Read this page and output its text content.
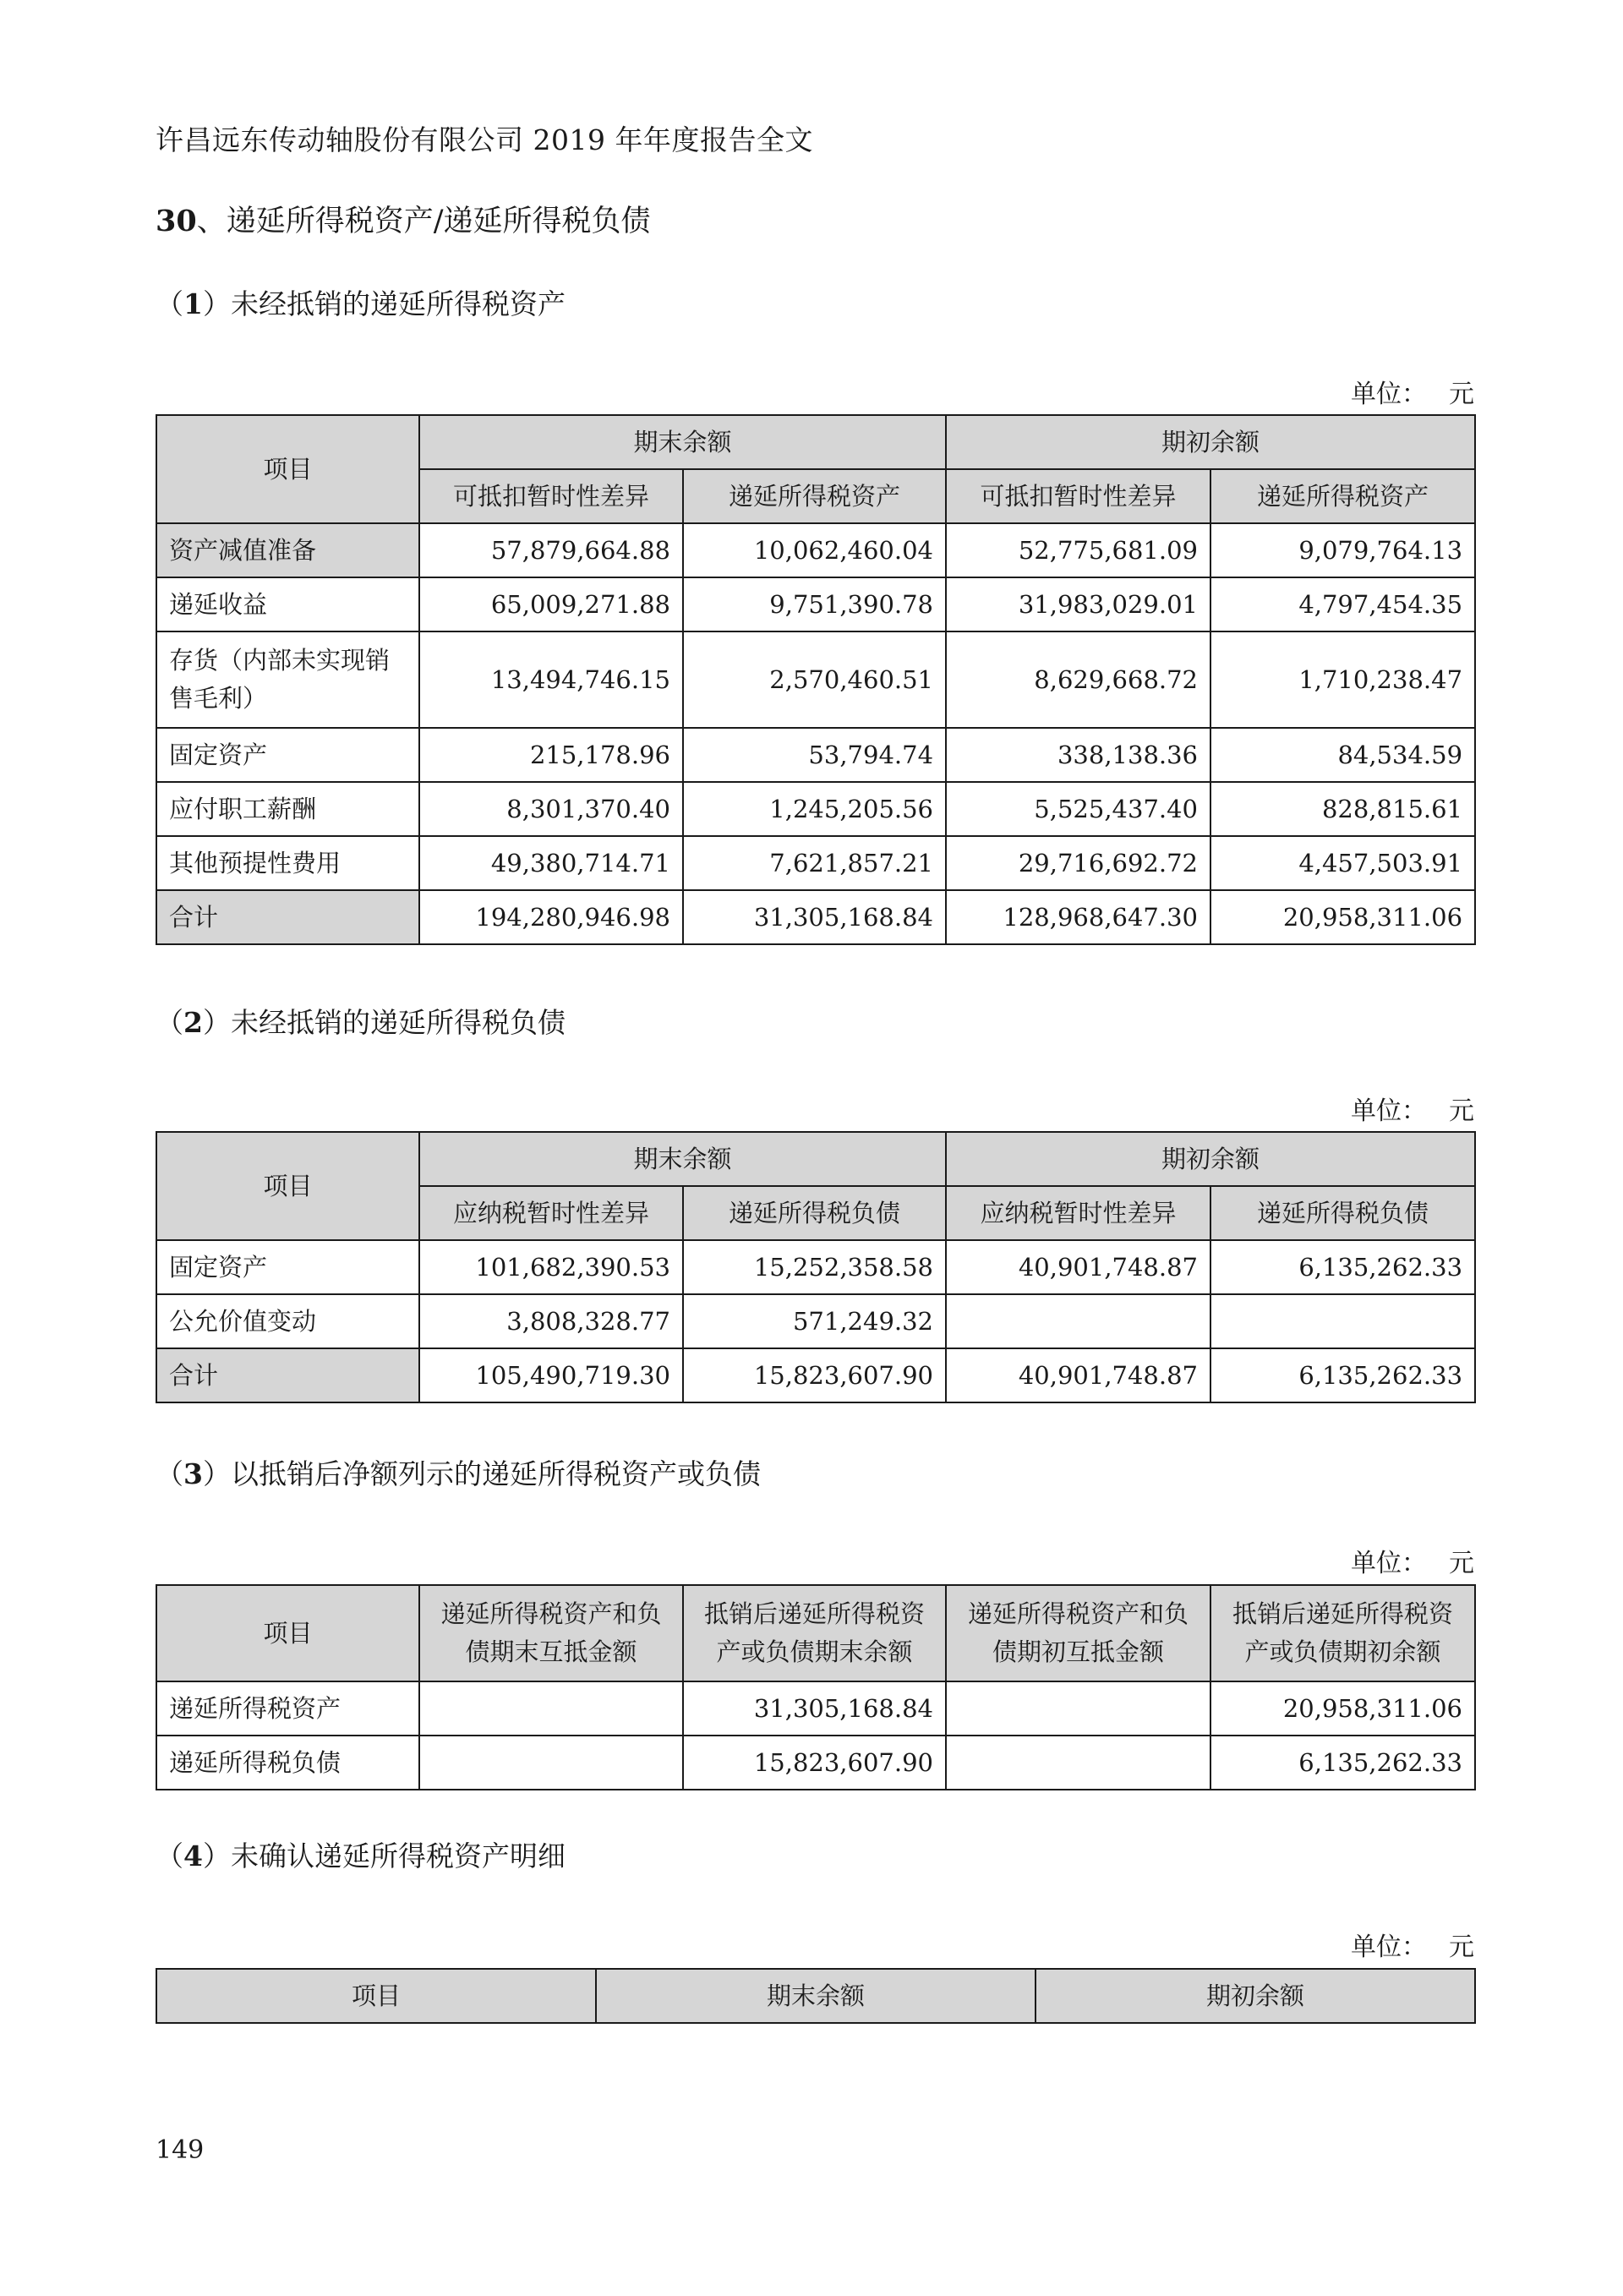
许昌远东传动轴股份有限公司 2019 年年度报告全文
30、递延所得税资产/递延所得税负债
（1）未经抵销的递延所得税资产
单位： 元
项目	期末余额		期初余额	
	可抵扣暂时性差异	递延所得税资产	可抵扣暂时性差异	递延所得税资产
资产减值准备	57,879,664.88	10,062,460.04	52,775,681.09	9,079,764.13
递延收益	65,009,271.88	9,751,390.78	31,983,029.01	4,797,454.35
存货（内部未实现销售毛利）	13,494,746.15	2,570,460.51	8,629,668.72	1,710,238.47
固定资产	215,178.96	53,794.74	338,138.36	84,534.59
应付职工薪酬	8,301,370.40	1,245,205.56	5,525,437.40	828,815.61
其他预提性费用	49,380,714.71	7,621,857.21	29,716,692.72	4,457,503.91
合计	194,280,946.98	31,305,168.84	128,968,647.30	20,958,311.06
（2）未经抵销的递延所得税负债
单位： 元
项目	期末余额		期初余额	
	应纳税暂时性差异	递延所得税负债	应纳税暂时性差异	递延所得税负债
固定资产	101,682,390.53	15,252,358.58	40,901,748.87	6,135,262.33
公允价值变动	3,808,328.77	571,249.32		
合计	105,490,719.30	15,823,607.90	40,901,748.87	6,135,262.33
（3）以抵销后净额列示的递延所得税资产或负债
单位： 元
项目	递延所得税资产和负债期末互抵金额	抵销后递延所得税资产或负债期末余额	递延所得税资产和负债期初互抵金额	抵销后递延所得税资产或负债期初余额
递延所得税资产		31,305,168.84		20,958,311.06
递延所得税负债		15,823,607.90		6,135,262.33
（4）未确认递延所得税资产明细
单位： 元
项目	期末余额	期初余额
149
